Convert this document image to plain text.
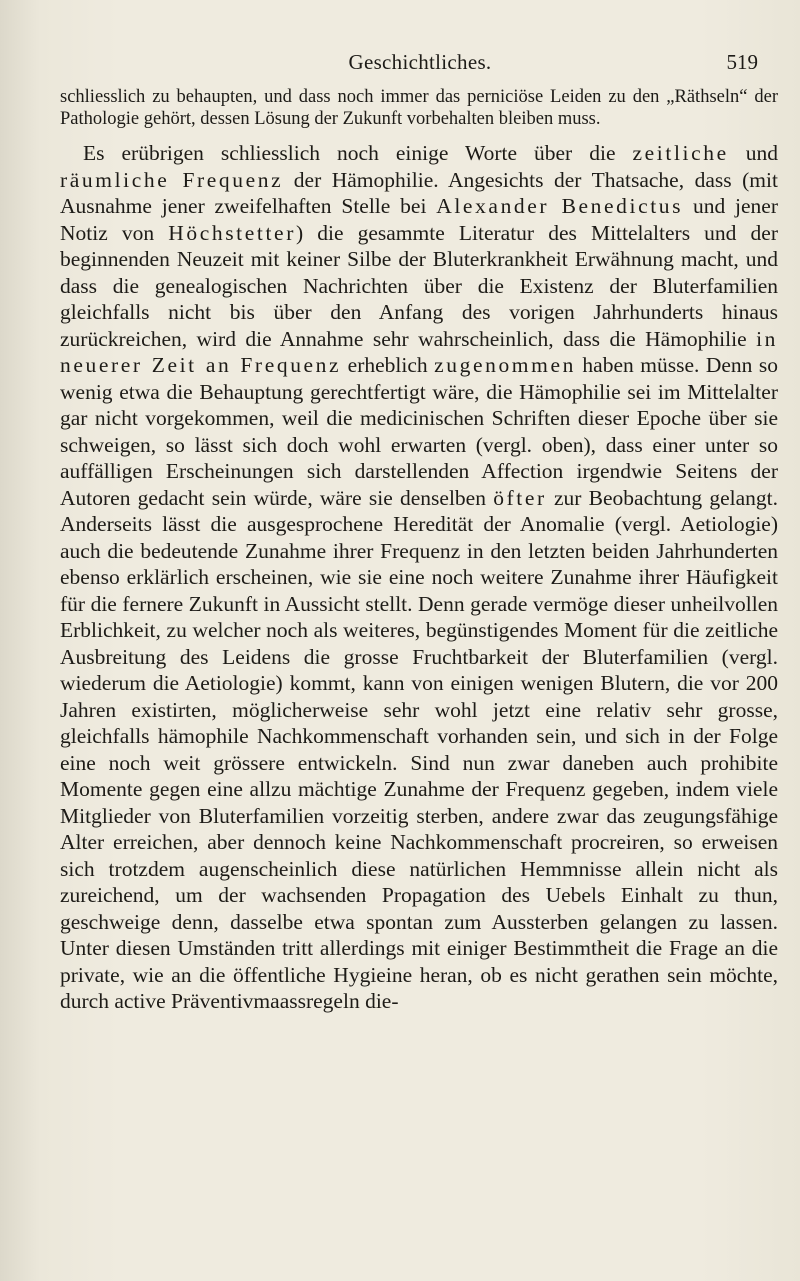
Geschichtliches.	519

schliesslich zu behaupten, und dass noch immer das perniciöse Leiden zu den „Räthseln“ der Pathologie gehört, dessen Lösung der Zukunft vorbehalten bleiben muss.

Es erübrigen schliesslich noch einige Worte über die zeitliche und räumliche Frequenz der Hämophilie. Angesichts der Thatsache, dass (mit Ausnahme jener zweifelhaften Stelle bei Alexander Benedictus und jener Notiz von Höchstetter) die gesammte Literatur des Mittelalters und der beginnenden Neuzeit mit keiner Silbe der Bluterkrankheit Erwähnung macht, und dass die genealogischen Nachrichten über die Existenz der Bluterfamilien gleichfalls nicht bis über den Anfang des vorigen Jahrhunderts hinaus zurückreichen, wird die Annahme sehr wahrscheinlich, dass die Hämophilie in neuerer Zeit an Frequenz erheblich zugenommen haben müsse. Denn so wenig etwa die Behauptung gerechtfertigt wäre, die Hämophilie sei im Mittelalter gar nicht vorgekommen, weil die medicinischen Schriften dieser Epoche über sie schweigen, so lässt sich doch wohl erwarten (vergl. oben), dass einer unter so auffälligen Erscheinungen sich darstellenden Affection irgendwie Seitens der Autoren gedacht sein würde, wäre sie denselben öfter zur Beobachtung gelangt. Anderseits lässt die ausgesprochene Heredität der Anomalie (vergl. Aetiologie) auch die bedeutende Zunahme ihrer Frequenz in den letzten beiden Jahrhunderten ebenso erklärlich erscheinen, wie sie eine noch weitere Zunahme ihrer Häufigkeit für die fernere Zukunft in Aussicht stellt. Denn gerade vermöge dieser unheilvollen Erblichkeit, zu welcher noch als weiteres, begünstigendes Moment für die zeitliche Ausbreitung des Leidens die grosse Fruchtbarkeit der Bluterfamilien (vergl. wiederum die Aetiologie) kommt, kann von einigen wenigen Blutern, die vor 200 Jahren existirten, möglicherweise sehr wohl jetzt eine relativ sehr grosse, gleichfalls hämophile Nachkommenschaft vorhanden sein, und sich in der Folge eine noch weit grössere entwickeln. Sind nun zwar daneben auch prohibite Momente gegen eine allzu mächtige Zunahme der Frequenz gegeben, indem viele Mitglieder von Bluterfamilien vorzeitig sterben, andere zwar das zeugungsfähige Alter erreichen, aber dennoch keine Nachkommenschaft procreiren, so erweisen sich trotzdem augenscheinlich diese natürlichen Hemmnisse allein nicht als zureichend, um der wachsenden Propagation des Uebels Einhalt zu thun, geschweige denn, dasselbe etwa spontan zum Aussterben gelangen zu lassen. Unter diesen Umständen tritt allerdings mit einiger Bestimmtheit die Frage an die private, wie an die öffentliche Hygieine heran, ob es nicht gerathen sein möchte, durch active Präventivmaassregeln die-
